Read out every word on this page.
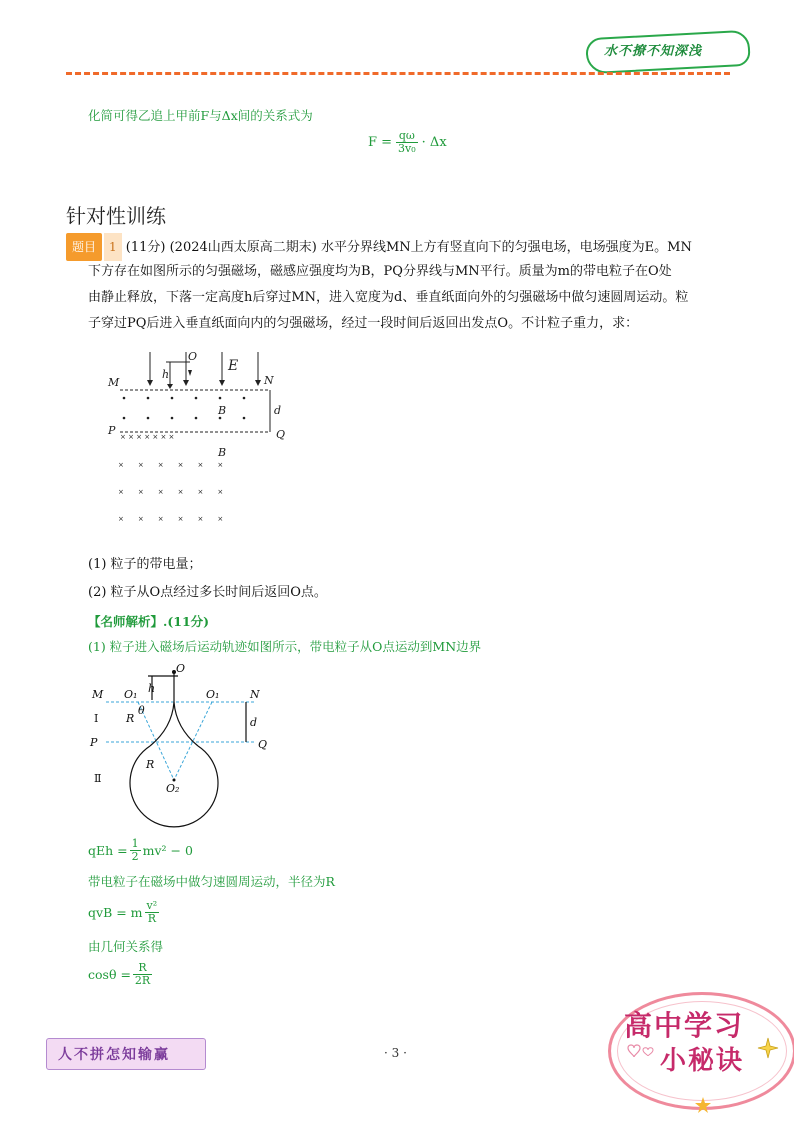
水不撩不知深浅
化简可得乙追上甲前F与Δx间的关系式为
$F = \frac{q\omega}{\text{3v₀}} \cdot \Delta x$
针对性训练
题目 1 (11分) (2024山西太原高二期末) 水平分界线MN上方有竖直向下的匀强电场，电场强度为E。MN
下方存在如图所示的匀强磁场，磁感应强度均为B，PQ分界线与MN平行。质量为m的带电粒子在O处
由静止释放，下落一定高度h后穿过MN，进入宽度为d、垂直纸面向外的匀强磁场中做匀速圆周运动。粒
子穿过PQ后进入垂直纸面向内的匀强磁场，经过一段时间后返回出发点O。不计粒子重力，求：
× × × × × × ×
××××××
××××××
××××××
O
h
E
M	N
d
B
P	Q
B
(1) 粒子的带电量；
(2) 粒子从O点经过多长时间后返回O点。
【名师解析】.(11分)
(1) 粒子进入磁场后运动轨迹如图所示，带电粒子从O点运动到MN边界
O
h
M O₁
θ
O₁	N
Ⅰ	R	d
P	Q
Ⅱ
R
O₂
qEh = $\frac{1}{2} mv^2 - 0$
带电粒子在磁场中做匀速圆周运动，半径为R
qvB = m $\frac{\text{v²}}{R}$
由几何关系得
$\cos\theta = \frac{R}{2R}$
人不拼怎知输赢	· 3 ·
高中学习
小秘诀
